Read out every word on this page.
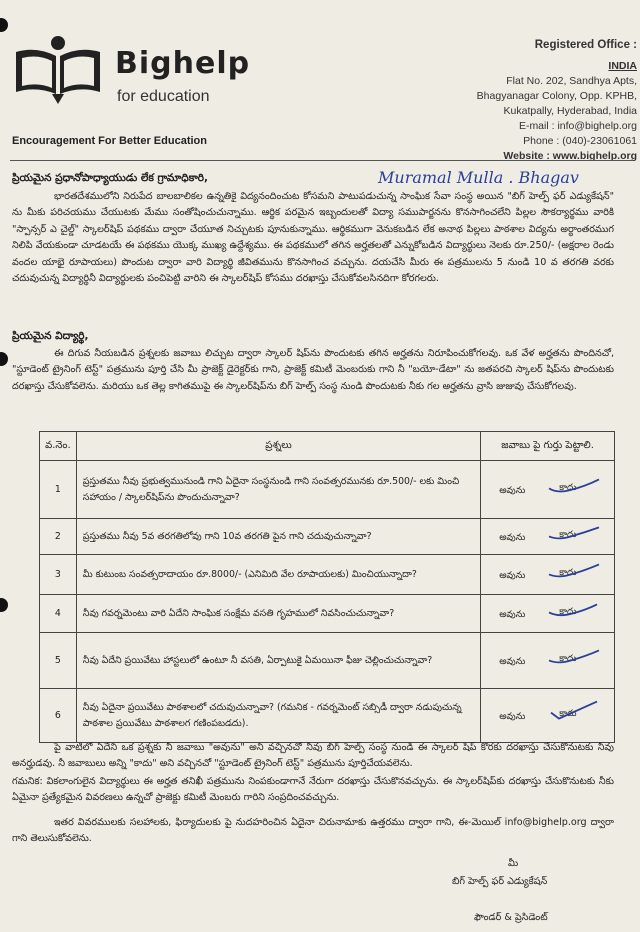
Bighelp
for education
Encouragement For Better Education
Registered Office :
INDIA
Flat No. 202, Sandhya Apts,
Bhagyanagar Colony, Opp. KPHB,
Kukatpally, Hyderabad, India
E-mail : info@bighelp.org
Phone : (040)-23061061
Website : www.bighelp.org
ప్రియమైన ప్రధానోపాధ్యాయుడు లేక గ్రామాధికారి,	Muramal Mulla . Bhagav
భారతదేశములోని నిరుపేద బాలబాలికల ఉన్నతికై విద్యనందించుట కోసమని పాటుపడుచున్న సాంఘిక సేవా సంస్థ అయిన "బిగ్ హెల్ప్ ఫర్ ఎడ్యుకేషన్" ను మీకు పరిచయము చేయుటకు మేము సంతోషించుచున్నాము. ఆర్థిక పరమైన ఇబ్బందులతో విద్యా సముపార్జనను కొనసాగించలేని పిల్లల సౌకర్యార్థము వారికి "స్పాన్సర్ ఎ చైల్డ్" స్కాలర్‌షిప్ పథకము ద్వారా చేయూత నిచ్చుటకు పూనుకున్నాము. ఆర్థికముగా వెనుకబడిన లేక అనాథ పిల్లలు పాఠశాల విద్యను అర్థాంతరముగ నిలిపి వేయకుండా చూడటయే ఈ పథకము యొక్క ముఖ్య ఉద్దేశ్యము. ఈ పథకములో తగిన అర్హతలతో ఎన్నుకోబడిన విద్యార్థులు నెలకు రూ.250/- (అక్షరాల రెండు వందల యాభై రూపాయలు) పొందుట ద్వారా వారి విద్యార్థి జీవితమును కొనసాగించ వచ్చును. దయచేసి మీరు ఈ పత్రములను 5 నుండి 10 వ తరగతి వరకు చదువుచున్న విద్యార్థినీ విద్యార్థులకు పంచిపెట్టి వారిని ఈ స్కాలర్‌షిప్ కోసము దరఖాస్తు చేసుకోవలసినదిగా కోరగలరు.
ప్రియమైన విద్యార్థి,
ఈ దిగువ నీయబడిన ప్రశ్నలకు జవాబు లిచ్చుట ద్వారా స్కాలర్ షిప్‌ను పొందుటకు తగిన అర్హతను నిరూపించుకోగలవు. ఒక వేళ అర్హతను పొందినచో, "స్టూడెంట్ ట్రైనింగ్ టెస్ట్" పత్రమును పూర్తి చేసి మీ ప్రాజెక్ట్ డైరెక్టర్‌కు గాని, ప్రాజెక్ట్ కమిటీ మెంబరుకు గాని నీ "బయో-డేటా" ను జతపరచి స్కాలర్ షిప్‌ను పొందుటకు దరఖాస్తు చేసుకోవలెను. మరియు ఒక తెల్ల కాగితముపై ఈ స్కాలర్‌షిప్‌ను బిగ్ హెల్ప్ సంస్థ నుండి పొందుటకు నీకు గల అర్హతను వ్రాసి జుజువు చేసుకోగలవు.
వ.నెం.	ప్రశ్నలు	జవాబు పై గుర్తు పెట్టాలి.
1	ప్రస్తుతము నీవు ప్రభుత్వమునుండి గాని ఏదైనా సంస్థనుండి గాని సంవత్సరమునకు రూ.500/- లకు మించి సహాయం / స్కాలర్‌షిప్‌ను పొందుచున్నావా?	అవును కాదు

2	ప్రస్తుతము నీవు 5వ తరగతిలోవు గాని 10వ తరగతి పైన గాని చదువుచున్నావా?	అవును కాదు

3	మీ కుటుంబ సంవత్సరాదాయం రూ.8000/- (ఎనిమిది వేల రూపాయలకు) మించియున్నాదా?	అవును కాదు

4	నీవు గవర్నమెంటు వారి ఏదేని సాంఘిక సంక్షేమ వసతి గృహములో నివసించుచున్నావా?	అవును కాదు

5	నీవు ఏదేని ప్రయివేటు హాస్టలులో ఉంటూ నీ వసతి, ఏర్పాటుకై ఏమయినా ఫీజు చెల్లించుచున్నావా?	అవును కాదు

6	నీవు ఏదైనా ప్రయివేటు పాఠశాలలో చదువుచున్నావా? (గమనిక - గవర్నమెంట్ సబ్సిడీ ద్వారా నడుపుచున్న పాఠశాల ప్రయివేటు పాఠశాలగ గణింపబడదు).	అవును కాదు
పై వాటిలో ఏదేని ఒక ప్రశ్నకు నీ జవాబు "అవును" అని వచ్చినచో నీవు బిగ్ హెల్ప్ సంస్థ నుండి ఈ స్కాలర్ షిప్ కొరకు దరఖాస్తు చేసుకొనుటకు నీవు అనర్హుడవు. నీ జవాబులు అన్ని "కాదు" అని వచ్చినచో "స్టూడెంట్ ట్రైనింగ్ టెస్ట్" పత్రమును పూర్తిచేయవలెను.
గమనిక: వికలాంగులైన విద్యార్థులు ఈ అర్హత తనిఖీ పత్రమును నింపకుండాగానే నేరుగా దరఖాస్తు చేసుకొనవచ్చును. ఈ స్కాలర్‌షిప్‌కు దరఖాస్తు చేసుకొనుటకు నీకు ఏమైనా ప్రత్యేకమైన వివరణలు ఉన్నచో ప్రాజెక్టు కమిటీ మెంబరు గారిని సంప్రదించవచ్చును.
ఇతర వివరములకు సలహాలకు, ఫిర్యాదులకు పై నుదహరించిన ఏదైనా చిరునామాకు ఉత్తరము ద్వారా గాని, ఈ-మెయిల్ info@bighelp.org ద్వారా గాని తెలుసుకోవలెను.
మీ
బిగ్ హెల్ప్ ఫర్ ఎడ్యుకేషన్
ఫౌండర్ & ప్రెసిడెంట్
